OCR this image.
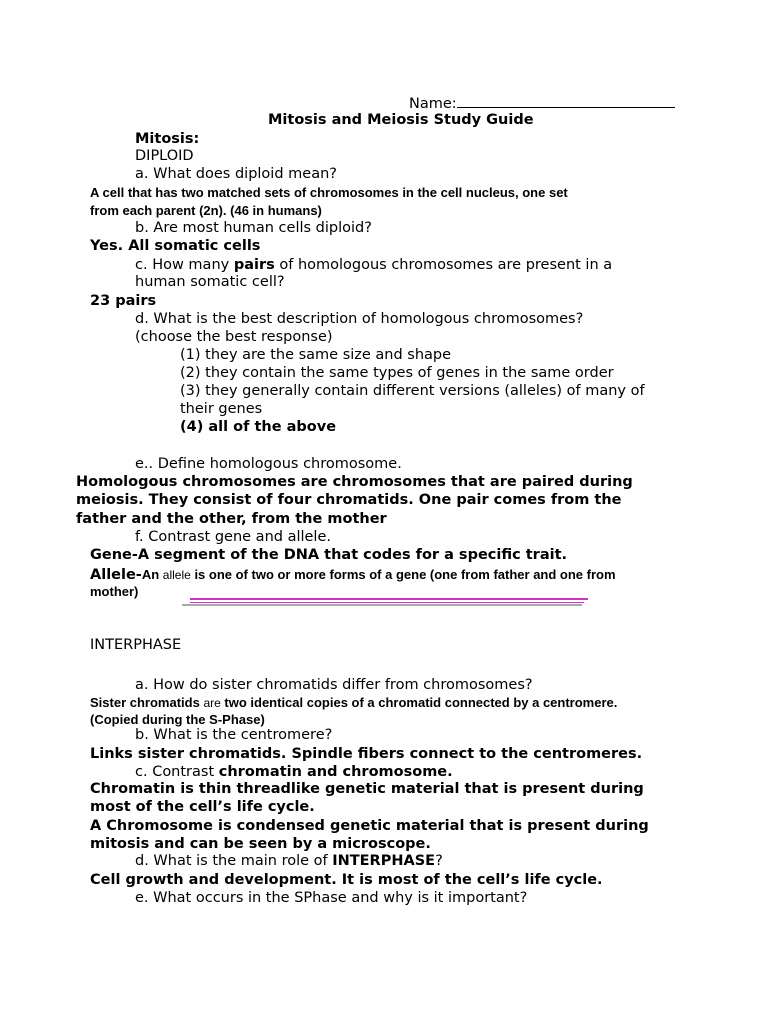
Name:
Mitosis and Meiosis Study Guide
Mitosis:
DIPLOID
a. What does diploid mean?
A cell that has two matched sets of chromosomes in the cell nucleus, one set
from each parent (2n). (46 in humans)
b. Are most human cells diploid?
Yes. All somatic cells
c. How many pairs of homologous chromosomes are present in a
human somatic cell?
23 pairs
d. What is the best description of homologous chromosomes?
(choose the best response)
(1) they are the same size and shape
(2) they contain the same types of genes in the same order
(3) they generally contain different versions (alleles) of many of
their genes
(4) all of the above
e.. Define homologous chromosome.
Homologous chromosomes are chromosomes that are paired during
meiosis. They consist of four chromatids. One pair comes from the
father and the other, from the mother
f. Contrast gene and allele.
Gene-A segment of the DNA that codes for a specific trait.
Allele-An allele is one of two or more forms of a gene (one from father and one from
mother)
INTERPHASE
a. How do sister chromatids differ from chromosomes?
Sister chromatids are two identical copies of a chromatid connected by a centromere.
(Copied during the S-Phase)
b. What is the centromere?
Links sister chromatids. Spindle fibers connect to the centromeres.
c. Contrast chromatin and chromosome.
Chromatin is thin threadlike genetic material that is present during
most of the cell’s life cycle.
A Chromosome is condensed genetic material that is present during
mitosis and can be seen by a microscope.
d. What is the main role of INTERPHASE?
Cell growth and development. It is most of the cell’s life cycle.
e. What occurs in the SPhase and why is it important?
